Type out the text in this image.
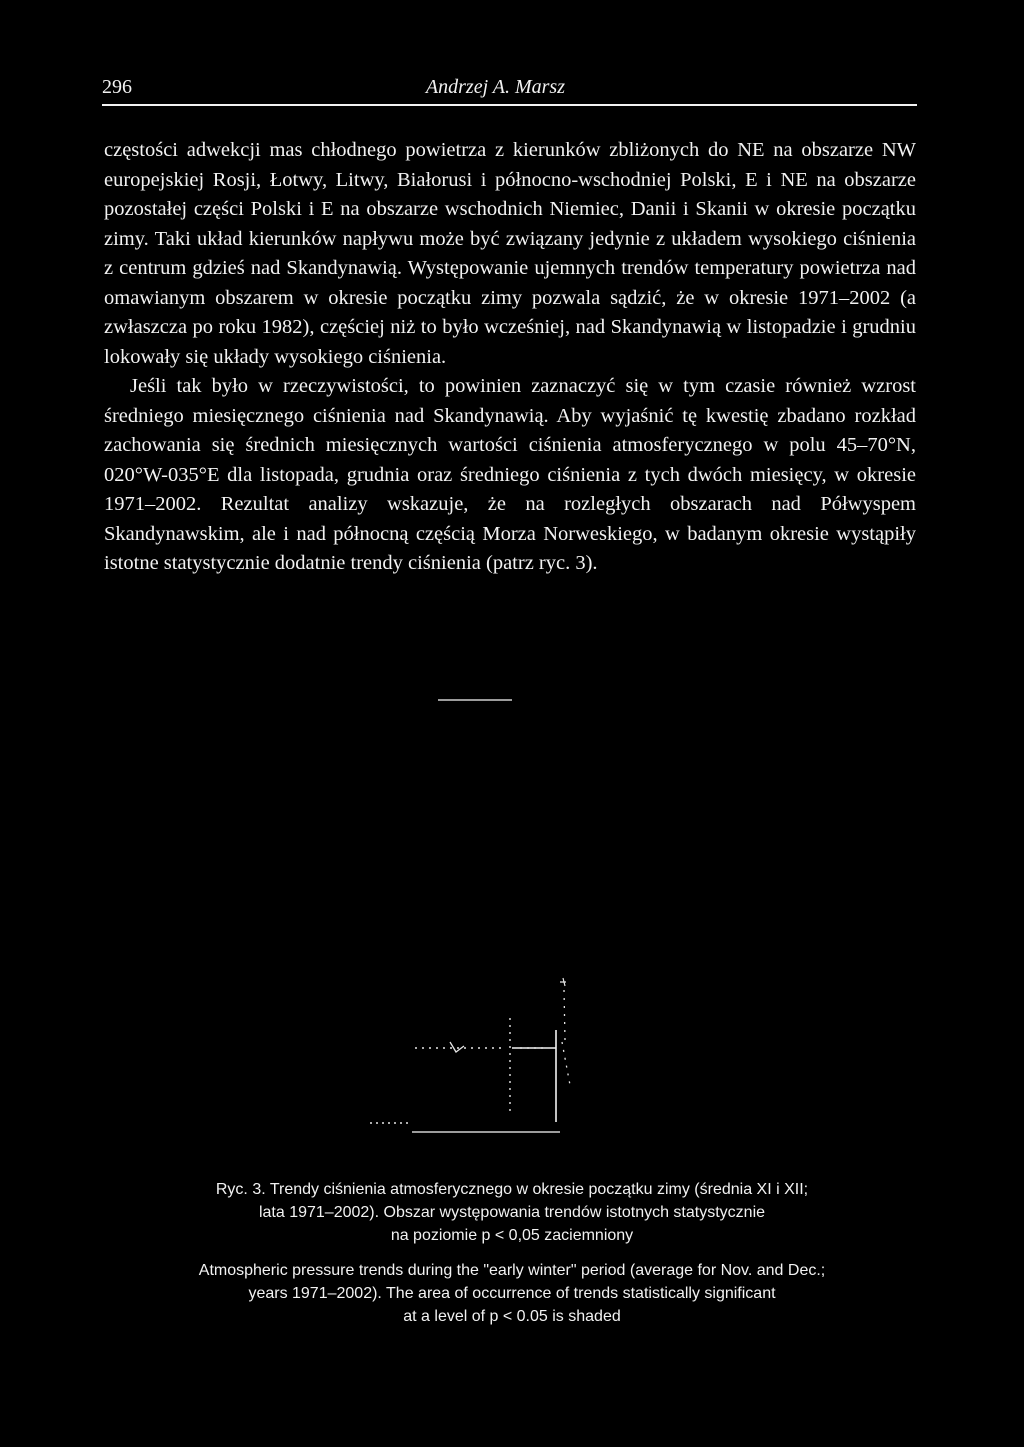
296	Andrzej A. Marsz

częstości adwekcji mas chłodnego powietrza z kierunków zbliżonych do NE na obszarze NW europejskiej Rosji, Łotwy, Litwy, Białorusi i północno-wschodniej Polski, E i NE na obszarze pozostałej części Polski i E na obszarze wschodnich Niemiec, Danii i Skanii w okresie początku zimy. Taki układ kierunków napływu może być związany jedynie z układem wysokiego ciśnienia z centrum gdzieś nad Skandynawią. Występowanie ujemnych trendów temperatury powietrza nad omawianym obszarem w okresie początku zimy pozwala sądzić, że w okresie 1971–2002 (a zwłaszcza po roku 1982), częściej niż to było wcześniej, nad Skandynawią w listopadzie i grudniu lokowały się układy wysokiego ciśnienia.

Jeśli tak było w rzeczywistości, to powinien zaznaczyć się w tym czasie również wzrost średniego miesięcznego ciśnienia nad Skandynawią. Aby wyjaśnić tę kwestię zbadano rozkład zachowania się średnich miesięcznych wartości ciśnienia atmosferycznego w polu 45–70°N, 020°W-035°E dla listopada, grudnia oraz średniego ciśnienia z tych dwóch miesięcy, w okresie 1971–2002. Rezultat analizy wskazuje, że na rozległych obszarach nad Półwyspem Skandynawskim, ale i nad północną częścią Morza Norweskiego, w badanym okresie wystąpiły istotne statystycznie dodatnie trendy ciśnienia (patrz ryc. 3).

Ryc. 3. Trendy ciśnienia atmosferycznego w okresie początku zimy (średnia XI i XII;
lata 1971–2002). Obszar występowania trendów istotnych statystycznie
na poziomie p < 0,05 zaciemniony
Atmospheric pressure trends during the "early winter" period (average for Nov. and Dec.;
years 1971–2002). The area of occurrence of trends statistically significant
at a level of p < 0.05 is shaded
